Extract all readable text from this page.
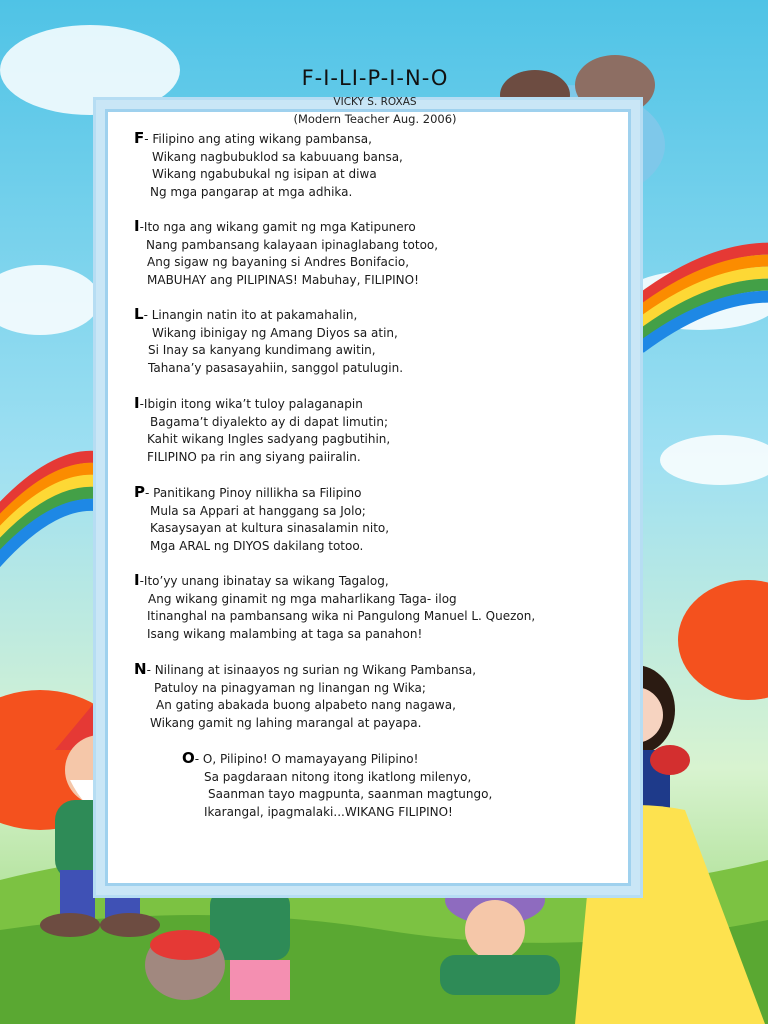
F-I-LI-P-I-N-O
VICKY S. ROXAS
(Modern Teacher Aug. 2006)
F- Filipino ang ating wikang pambansa,
Wikang nagbubuklod sa kabuuang bansa,
Wikang ngabubukal ng isipan at diwa
Ng mga pangarap at mga adhika.
I-Ito nga ang wikang gamit ng mga Katipunero
Nang pambansang kalayaan ipinaglabang totoo,
Ang sigaw ng bayaning si Andres Bonifacio,
MABUHAY ang PILIPINAS! Mabuhay, FILIPINO!
L- Linangin natin ito at pakamahalin,
Wikang ibinigay ng Amang Diyos sa atin,
Si Inay sa kanyang kundimang awitin,
Tahana’y pasasayahiin, sanggol patulugin.
I-Ibigin itong wika’t tuloy palaganapin
Bagama’t diyalekto ay di dapat limutin;
Kahit wikang Ingles sadyang pagbutihin,
FILIPINO pa rin ang siyang paiiralin.
P- Panitikang Pinoy nillikha sa Filipino
Mula sa Appari at hanggang sa Jolo;
Kasaysayan at kultura sinasalamin nito,
Mga ARAL ng DIYOS dakilang totoo.
I-Ito’yy unang ibinatay sa wikang Tagalog,
Ang wikang ginamit ng mga maharlikang Taga- ilog
Itinanghal na pambansang wika ni Pangulong Manuel L. Quezon,
Isang wikang malambing at taga sa panahon!
N- Nilinang at isinaayos ng surian ng Wikang Pambansa,
Patuloy na pinagyaman ng linangan ng Wika;
An gating abakada buong alpabeto nang nagawa,
Wikang gamit ng lahing marangal at payapa.
O- O, Pilipino! O mamayayang Pilipino!
Sa pagdaraan nitong itong ikatlong milenyo,
Saanman tayo magpunta, saanman magtungo,
Ikarangal, ipagmalaki...WIKANG FILIPINO!
